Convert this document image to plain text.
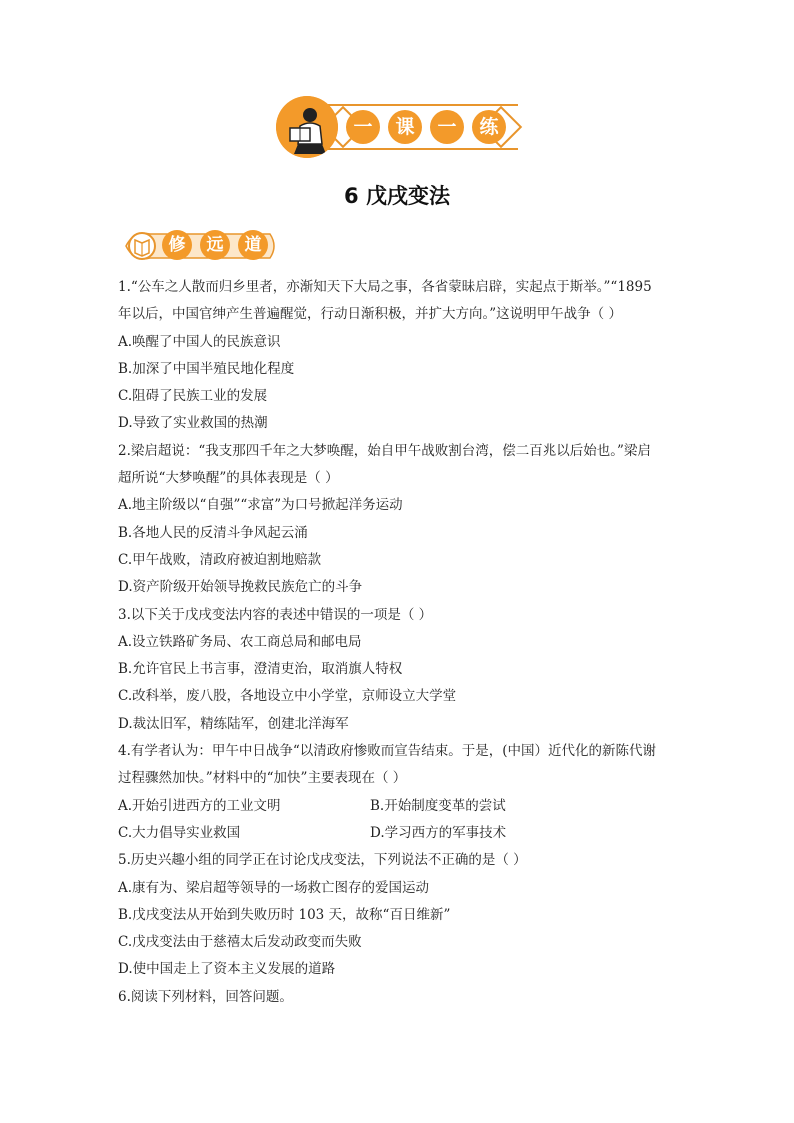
一	课	一	练
6 戊戌变法
修	远	道

1.“公车之人散而归乡里者，亦渐知天下大局之事，各省蒙昧启辟，实起点于斯举。”“1895

年以后，中国官绅产生普遍醒觉，行动日渐积极，并扩大方向。”这说明甲午战争（ ）

A.唤醒了中国人的民族意识

B.加深了中国半殖民地化程度

C.阻碍了民族工业的发展

D.导致了实业救国的热潮

2.梁启超说：“我支那四千年之大梦唤醒，始自甲午战败割台湾，偿二百兆以后始也。”梁启

超所说“大梦唤醒”的具体表现是（ ）

A.地主阶级以“自强”“求富”为口号掀起洋务运动

B.各地人民的反清斗争风起云涌

C.甲午战败，清政府被迫割地赔款

D.资产阶级开始领导挽救民族危亡的斗争

3.以下关于戊戌变法内容的表述中错误的一项是（ ）

A.设立铁路矿务局、农工商总局和邮电局

B.允许官民上书言事，澄清吏治，取消旗人特权

C.改科举，废八股，各地设立中小学堂，京师设立大学堂

D.裁汰旧军，精练陆军，创建北洋海军

4.有学者认为：甲午中日战争“以清政府惨败而宣告结束。于是，(中国）近代化的新陈代谢

过程骤然加快。”材料中的“加快”主要表现在（ ）

A.开始引进西方的工业文明	B.开始制度变革的尝试

C.大力倡导实业救国	D.学习西方的军事技术

5.历史兴趣小组的同学正在讨论戊戌变法，下列说法不正确的是（ ）

A.康有为、梁启超等领导的一场救亡图存的爱国运动

B.戊戌变法从开始到失败历时 103 天，故称“百日维新”

C.戊戌变法由于慈禧太后发动政变而失败

D.使中国走上了资本主义发展的道路

6.阅读下列材料，回答问题。
